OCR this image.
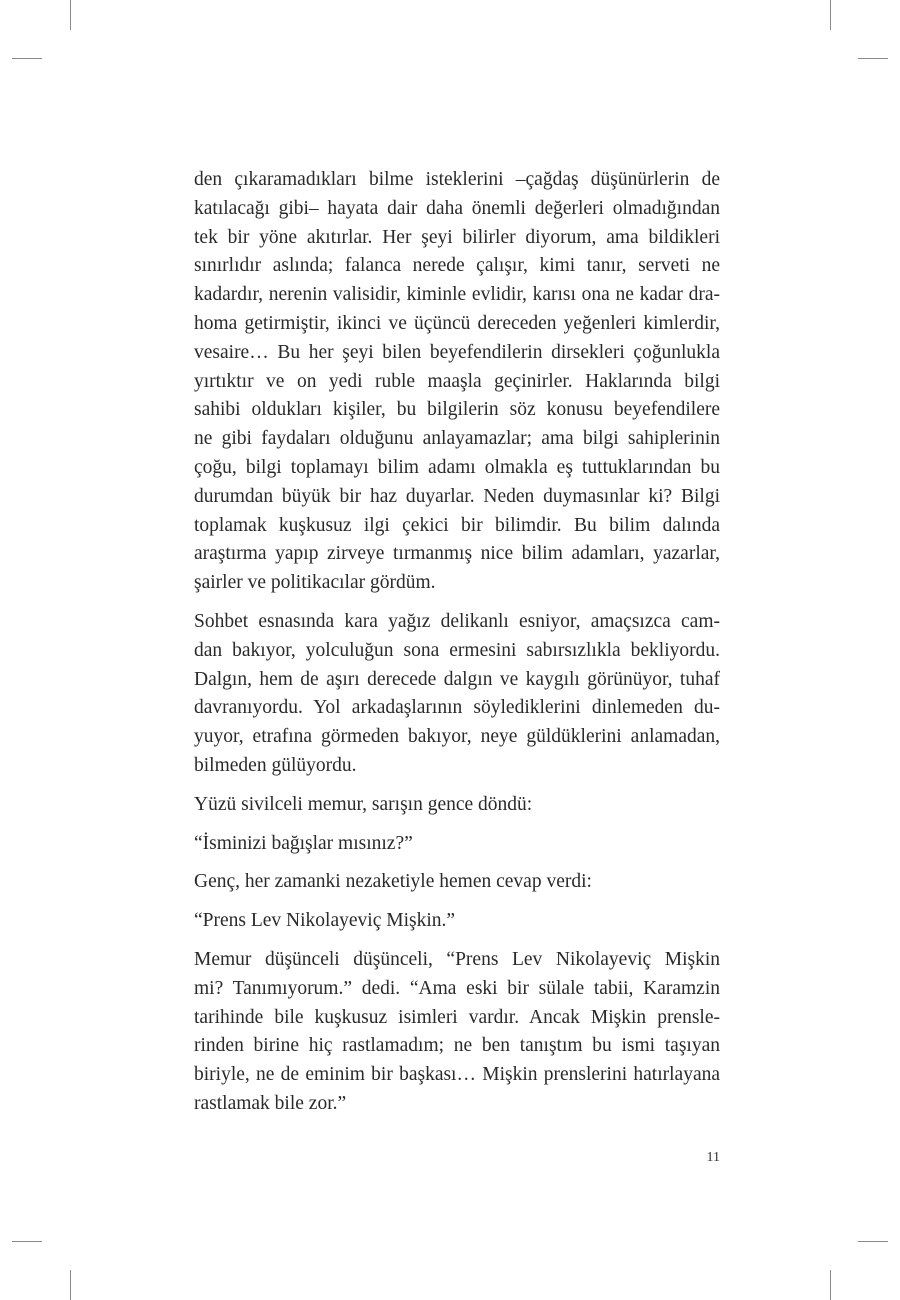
den çıkaramadıkları bilme isteklerini –çağdaş düşünürlerin de
katılacağı gibi– hayata dair daha önemli değerleri olmadığından
tek bir yöne akıtırlar. Her şeyi bilirler diyorum, ama bildikleri
sınırlıdır aslında; falanca nerede çalışır, kimi tanır, serveti ne
kadardır, nerenin valisidir, kiminle evlidir, karısı ona ne kadar dra-
homa getirmiştir, ikinci ve üçüncü dereceden yeğenleri kimlerdir,
vesaire… Bu her şeyi bilen beyefendilerin dirsekleri çoğunlukla
yırtıktır ve on yedi ruble maaşla geçinirler. Haklarında bilgi
sahibi oldukları kişiler, bu bilgilerin söz konusu beyefendilere
ne gibi faydaları olduğunu anlayamazlar; ama bilgi sahiplerinin
çoğu, bilgi toplamayı bilim adamı olmakla eş tuttuklarından bu
durumdan büyük bir haz duyarlar. Neden duymasınlar ki? Bilgi
toplamak kuşkusuz ilgi çekici bir bilimdir. Bu bilim dalında
araştırma yapıp zirveye tırmanmış nice bilim adamları, yazarlar,
şairler ve politikacılar gördüm.
Sohbet esnasında kara yağız delikanlı esniyor, amaçsızca cam-
dan bakıyor, yolculuğun sona ermesini sabırsızlıkla bekliyordu.
Dalgın, hem de aşırı derecede dalgın ve kaygılı görünüyor, tuhaf
davranıyordu. Yol arkadaşlarının söylediklerini dinlemeden du-
yuyor, etrafına görmeden bakıyor, neye güldüklerini anlamadan,
bilmeden gülüyordu.
Yüzü sivilceli memur, sarışın gence döndü:
“İsminizi bağışlar mısınız?”
Genç, her zamanki nezaketiyle hemen cevap verdi:
“Prens Lev Nikolayeviç Mişkin.”
Memur düşünceli düşünceli, “Prens Lev Nikolayeviç Mişkin
mi? Tanımıyorum.” dedi. “Ama eski bir sülale tabii, Karamzin
tarihinde bile kuşkusuz isimleri vardır. Ancak Mişkin prensle-
rinden birine hiç rastlamadım; ne ben tanıştım bu ismi taşıyan
biriyle, ne de eminim bir başkası… Mişkin prenslerini hatırlayana
rastlamak bile zor.”
11
